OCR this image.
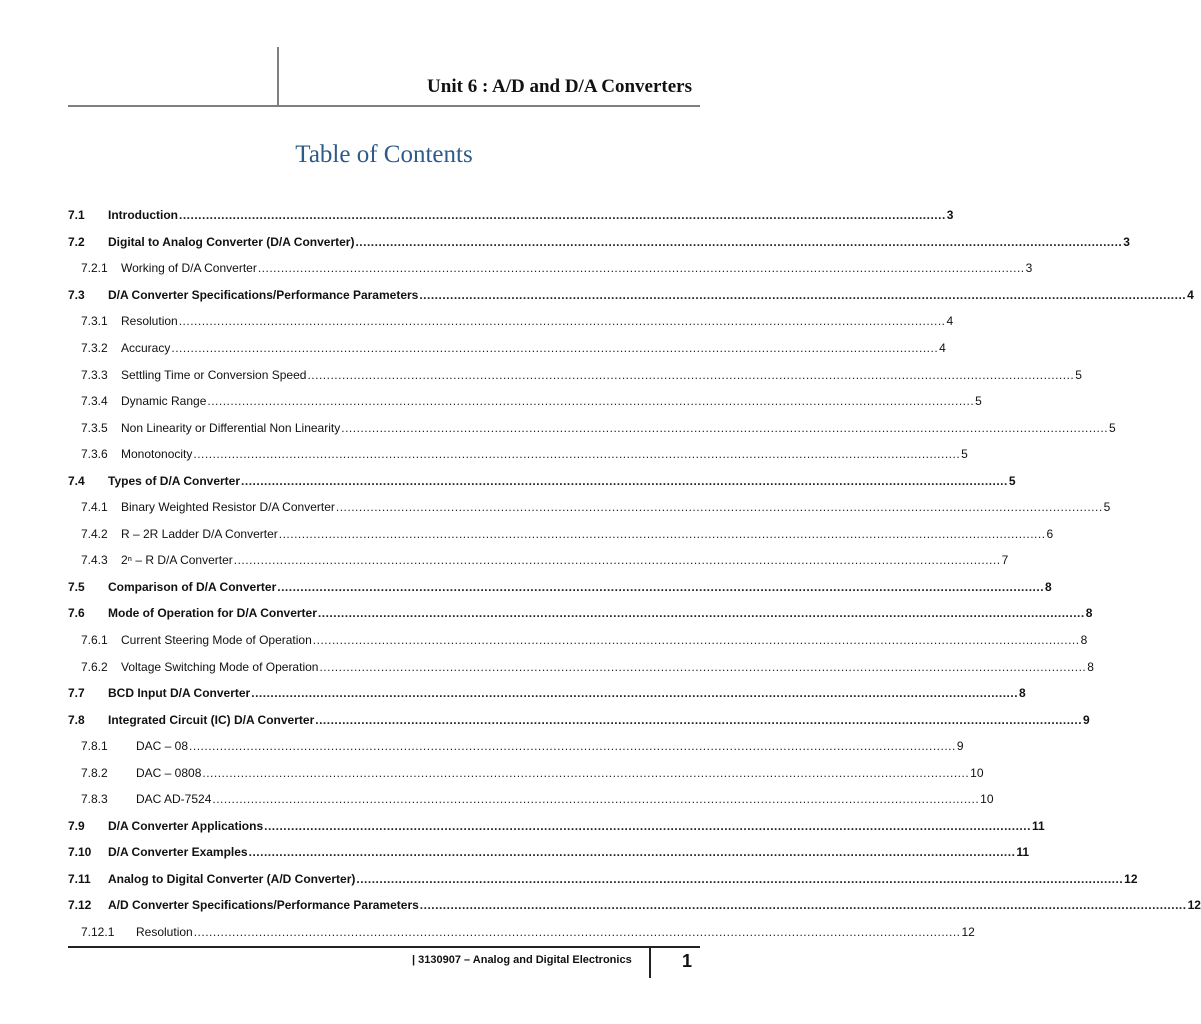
Unit 6 : A/D and D/A Converters
Table of Contents
7.1	Introduction ........................................................................................................................................................................................................ 3
7.2	Digital to Analog Converter (D/A Converter) ........................................................................................................................................................................................................ 3
7.2.1	Working of D/A Converter ........................................................................................................................................................................................................ 3
7.3	D/A Converter Specifications/Performance Parameters ........................................................................................................................................................................................................ 4
7.3.1	Resolution ........................................................................................................................................................................................................ 4
7.3.2	Accuracy ........................................................................................................................................................................................................ 4
7.3.3	Settling Time or Conversion Speed ........................................................................................................................................................................................................ 5
7.3.4	Dynamic Range ........................................................................................................................................................................................................ 5
7.3.5	Non Linearity or Differential Non Linearity ........................................................................................................................................................................................................ 5
7.3.6	Monotonocity ........................................................................................................................................................................................................ 5
7.4	Types of D/A Converter ........................................................................................................................................................................................................ 5
7.4.1	Binary Weighted Resistor D/A Converter ........................................................................................................................................................................................................ 5
7.4.2	R – 2R Ladder D/A Converter ........................................................................................................................................................................................................ 6
7.4.3	2ⁿ – R D/A Converter ........................................................................................................................................................................................................ 7
7.5	Comparison of D/A Converter ........................................................................................................................................................................................................ 8
7.6	Mode of Operation for D/A Converter ........................................................................................................................................................................................................ 8
7.6.1	Current Steering Mode of Operation ........................................................................................................................................................................................................ 8
7.6.2	Voltage Switching Mode of Operation ........................................................................................................................................................................................................ 8
7.7	BCD Input D/A Converter ........................................................................................................................................................................................................ 8
7.8	Integrated Circuit (IC) D/A Converter ........................................................................................................................................................................................................ 9
7.8.1	DAC – 08 ........................................................................................................................................................................................................ 9
7.8.2	DAC – 0808 ........................................................................................................................................................................................................ 10
7.8.3	DAC AD-7524 ........................................................................................................................................................................................................ 10
7.9	D/A Converter Applications ........................................................................................................................................................................................................ 11
7.10	D/A Converter Examples ........................................................................................................................................................................................................ 11
7.11	Analog to Digital Converter (A/D Converter) ........................................................................................................................................................................................................ 12
7.12	A/D Converter Specifications/Performance Parameters ........................................................................................................................................................................................................ 12
7.12.1	Resolution ........................................................................................................................................................................................................ 12
| 3130907 – Analog and Digital Electronics	1
